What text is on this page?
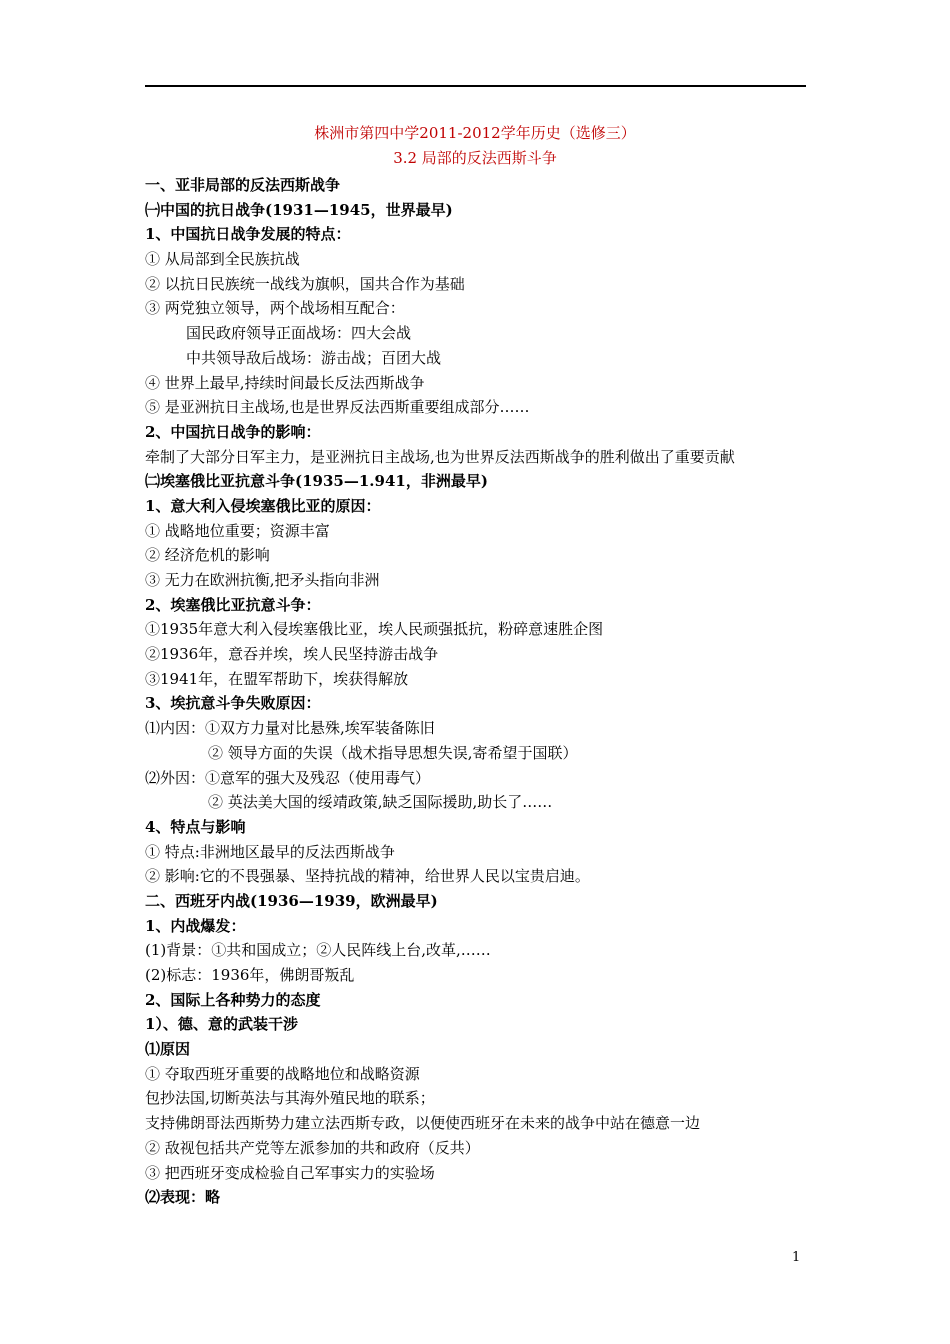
株洲市第四中学2011-2012学年历史（选修三）
3.2 局部的反法西斯斗争
一、亚非局部的反法西斯战争
㈠中国的抗日战争(1931—1945，世界最早)
1、中国抗日战争发展的特点：
① 从局部到全民族抗战
② 以抗日民族统一战线为旗帜，国共合作为基础
③ 两党独立领导，两个战场相互配合：
国民政府领导正面战场：四大会战
中共领导敌后战场：游击战；百团大战
④ 世界上最早,持续时间最长反法西斯战争
⑤ 是亚洲抗日主战场,也是世界反法西斯重要组成部分……
2、中国抗日战争的影响：
牵制了大部分日军主力，是亚洲抗日主战场,也为世界反法西斯战争的胜利做出了重要贡献
㈡埃塞俄比亚抗意斗争(1935—1.941，非洲最早)
1、意大利入侵埃塞俄比亚的原因：
① 战略地位重要；资源丰富
② 经济危机的影响
③ 无力在欧洲抗衡,把矛头指向非洲
2、埃塞俄比亚抗意斗争：
①1935年意大利入侵埃塞俄比亚，埃人民顽强抵抗，粉碎意速胜企图
②1936年，意吞并埃，埃人民坚持游击战争
③1941年，在盟军帮助下，埃获得解放
3、埃抗意斗争失败原因：
⑴内因：①双方力量对比悬殊,埃军装备陈旧
② 领导方面的失误（战术指导思想失误,寄希望于国联）
⑵外因：①意军的强大及残忍（使用毒气）
② 英法美大国的绥靖政策,缺乏国际援助,助长了……
4、特点与影响
① 特点:非洲地区最早的反法西斯战争
② 影响:它的不畏强暴、坚持抗战的精神，给世界人民以宝贵启迪。
二、西班牙内战(1936—1939，欧洲最早)
1、内战爆发：
(1)背景：①共和国成立；②人民阵线上台,改革,……
(2)标志：1936年，佛朗哥叛乱
2、国际上各种势力的态度
1）、德、意的武装干涉
⑴原因
① 夺取西班牙重要的战略地位和战略资源
包抄法国,切断英法与其海外殖民地的联系；
支持佛朗哥法西斯势力建立法西斯专政，以便使西班牙在未来的战争中站在德意一边
② 敌视包括共产党等左派参加的共和政府（反共）
③ 把西班牙变成检验自己军事实力的实验场
⑵表现：略
1
